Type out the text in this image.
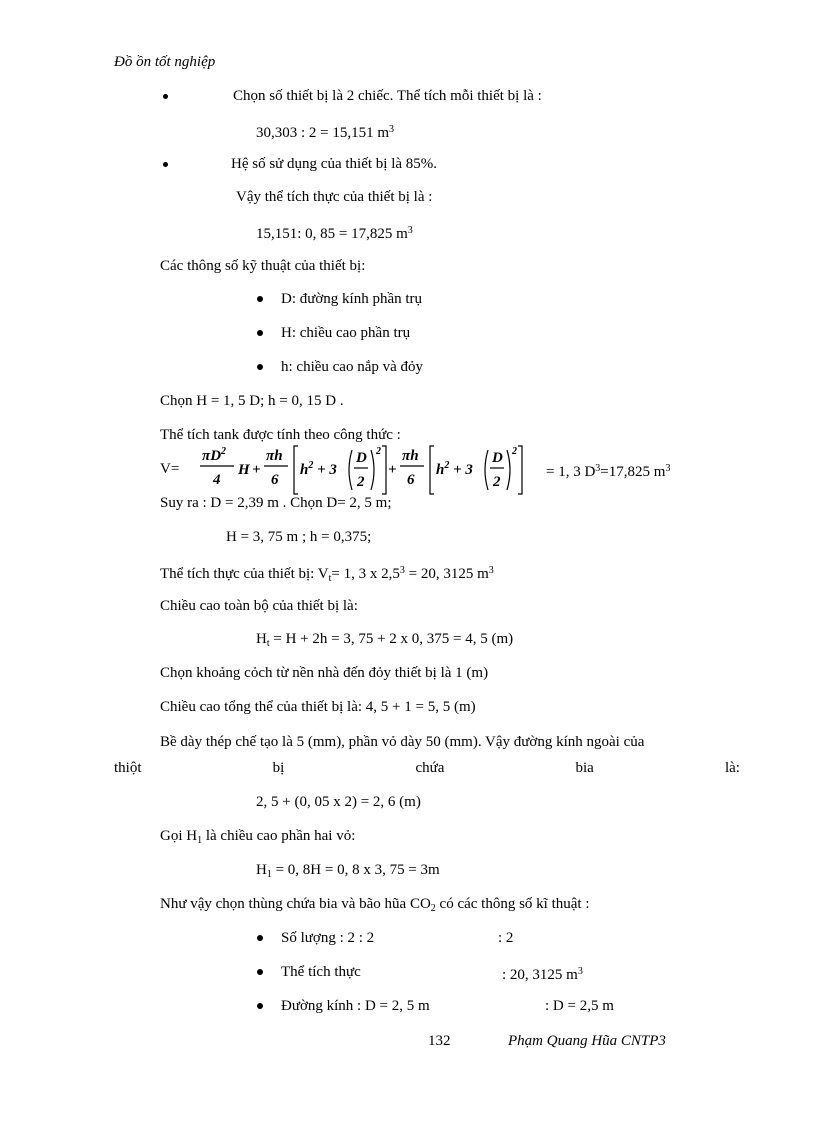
Đồ ồn tốt nghiệp
Chọn số thiết bị là 2 chiếc. Thể tích mỗi thiết bị là :
30,303 : 2 = 15,151 $m^3$
Hệ số sử dụng của thiết bị là 85%.
Vậy thể tích thực của thiết bị là :
15,151: 0, 85 = 17,825 $m^3$
Các thông số kỹ thuật của thiết bị:
D: đường kính phần trụ
H: chiều cao phần trụ
h: chiều cao nắp và đỏy
Chọn H = 1, 5 D; h = 0, 15 D .
Thể tích tank được tính theo công thức :
V=
$\pi D^2$
4
H +
πh
6
$h^2 + 3$
D
2
2
+
πh
6
$h^2 + 3$
D
2
2
= 1, 3 $D^3=17,825$ $m^3$
Suy ra : D = 2,39 m . Chọn D= 2, 5 m;
H = 3, 75 m ; h = 0,375;
Thể tích thực của thiết bị: $V_t= 1$, 3 x $2,5^3 = 20$, 3125 $m^3$
Chiều cao toàn bộ của thiết bị là:
$H_t = H + 2h = 3$, 75 + 2 x 0, 375 = 4, 5 (m)
Chọn khoảng cỏch từ nền nhà đến đỏy thiết bị là 1 (m)
Chiều cao tổng thể của thiết bị là: 4, 5 + 1 = 5, 5 (m)
Bề dày thép chế tạo là 5 (mm), phần vỏ dày 50 (mm). Vậy đường kính ngoài của
thiột	bị	chứa	bia	là:
2, 5 + (0, 05 x 2) = 2, 6 (m)
Gọi $H_1$ là chiều cao phần hai vỏ:
$H_1 = 0$, 8H = 0, 8 x 3, 75 = 3m
Như vậy chọn thùng chứa bia và bão hũa $CO_2$ có các thông số kĩ thuật :
Số lượng : 2 : 2	: 2
Thể tích thực	: 20, 3125 $m^3$
Đường kính : D = 2, 5 m	: D = 2,5 m
132	Phạm Quang Hũa CNTP3
